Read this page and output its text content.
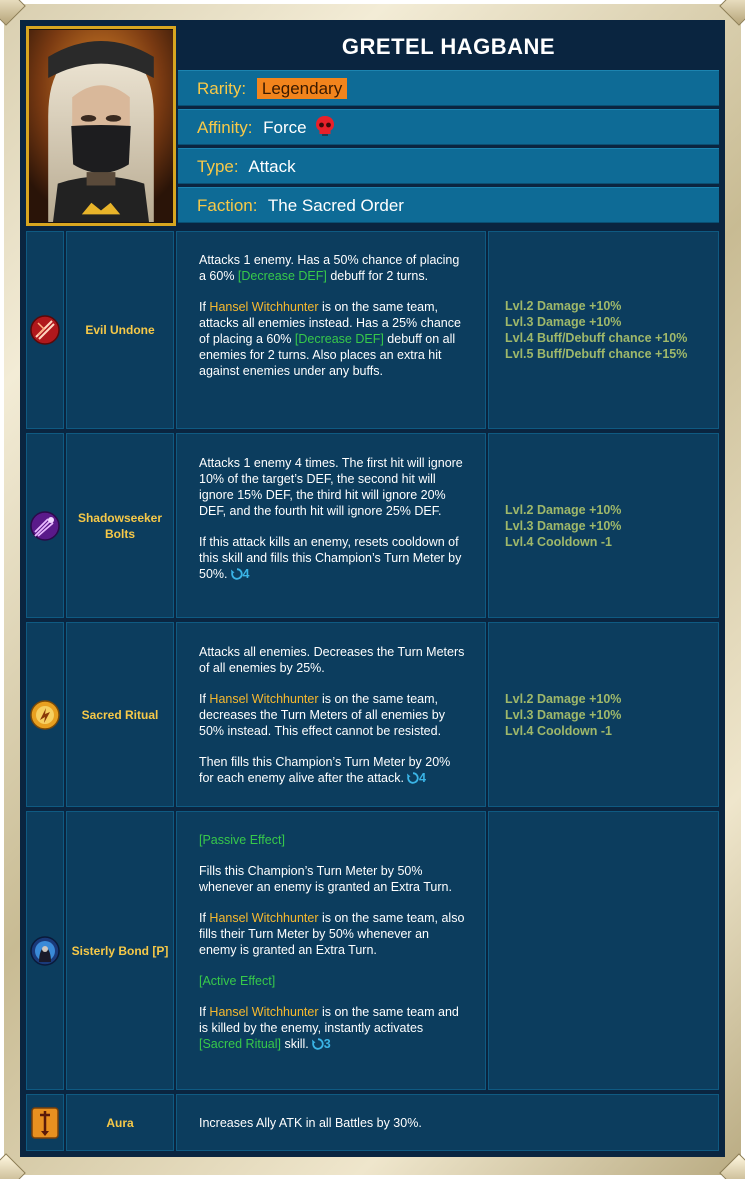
GRETEL HAGBANE
Rarity: Legendary
Affinity: Force
Type: Attack
Faction: The Sacred Order
Evil Undone

Attacks 1 enemy. Has a 50% chance of placing a 60% [Decrease DEF] debuff for 2 turns.

If Hansel Witchhunter is on the same team, attacks all enemies instead. Has a 25% chance of placing a 60% [Decrease DEF] debuff on all enemies for 2 turns. Also places an extra hit against enemies under any buffs.

Lvl.2 Damage +10%
Lvl.3 Damage +10%
Lvl.4 Buff/Debuff chance +10%
Lvl.5 Buff/Debuff chance +15%
Shadowseeker Bolts

Attacks 1 enemy 4 times. The first hit will ignore 10% of the target’s DEF, the second hit will ignore 15% DEF, the third hit will ignore 20% DEF, and the fourth hit will ignore 25% DEF.

If this attack kills an enemy, resets cooldown of this skill and fills this Champion’s Turn Meter by 50%. 4

Lvl.2 Damage +10%
Lvl.3 Damage +10%
Lvl.4 Cooldown -1
Sacred Ritual

Attacks all enemies. Decreases the Turn Meters of all enemies by 25%.

If Hansel Witchhunter is on the same team, decreases the Turn Meters of all enemies by 50% instead. This effect cannot be resisted.

Then fills this Champion’s Turn Meter by 20% for each enemy alive after the attack. 4

Lvl.2 Damage +10%
Lvl.3 Damage +10%
Lvl.4 Cooldown -1
Sisterly Bond [P]

[Passive Effect]

Fills this Champion’s Turn Meter by 50% whenever an enemy is granted an Extra Turn.

If Hansel Witchhunter is on the same team, also fills their Turn Meter by 50% whenever an enemy is granted an Extra Turn.

[Active Effect]

If Hansel Witchhunter is on the same team and is killed by the enemy, instantly activates [Sacred Ritual] skill. 3

Aura	Increases Ally ATK in all Battles by 30%.
